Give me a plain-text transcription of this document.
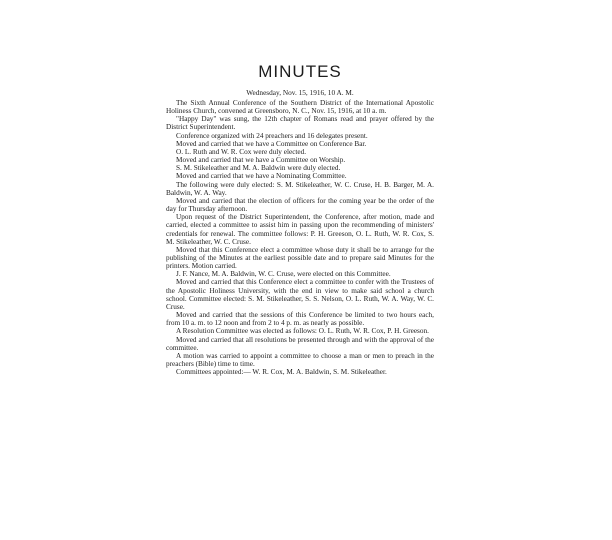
MINUTES
Wednesday, Nov. 15, 1916, 10 A. M.

The Sixth Annual Conference of the Southern District of the International Apostolic Holiness Church, convened at Greensboro, N. C., Nov. 15, 1916, at 10 a. m.

"Happy Day" was sung, the 12th chapter of Romans read and prayer offered by the District Superintendent.

Conference organized with 24 preachers and 16 delegates present.

Moved and carried that we have a Committee on Conference Bar.

O. L. Ruth and W. R. Cox were duly elected.

Moved and carried that we have a Committee on Worship.

S. M. Stikeleather and M. A. Baldwin were duly elected.

Moved and carried that we have a Nominating Committee.

The following were duly elected: S. M. Stikeleather, W. C. Cruse, H. B. Barger, M. A. Baldwin, W. A. Way.

Moved and carried that the election of officers for the coming year be the order of the day for Thursday afternoon.

Upon request of the District Superintendent, the Conference, after motion, made and carried, elected a committee to assist him in passing upon the recommending of ministers' credentials for renewal. The committee follows: P. H. Greeson, O. L. Ruth, W. R. Cox, S. M. Stikeleather, W. C. Cruse.

Moved that this Conference elect a committee whose duty it shall be to arrange for the publishing of the Minutes at the earliest possible date and to prepare said Minutes for the printers. Motion carried.

J. F. Nance, M. A. Baldwin, W. C. Cruse, were elected on this Committee.

Moved and carried that this Conference elect a committee to confer with the Trustees of the Apostolic Holiness University, with the end in view to make said school a church school. Committee elected: S. M. Stikeleather, S. S. Nelson, O. L. Ruth, W. A. Way, W. C. Cruse.

Moved and carried that the sessions of this Conference be limited to two hours each, from 10 a. m. to 12 noon and from 2 to 4 p. m. as nearly as possible.

A Resolution Committee was elected as follows: O. L. Ruth, W. R. Cox, P. H. Greeson.

Moved and carried that all resolutions be presented through and with the approval of the committee.

A motion was carried to appoint a committee to choose a man or men to preach in the preachers (Bible) time to time.

Committees appointed:— W. R. Cox, M. A. Baldwin, S. M. Stikeleather.
